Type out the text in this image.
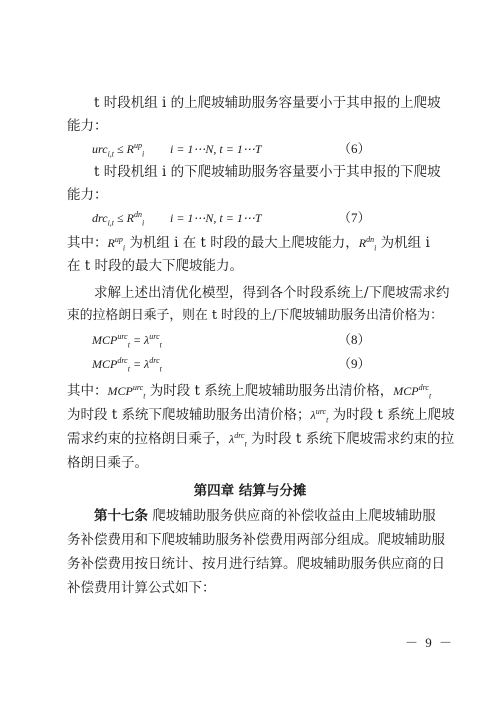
t 时段机组 i 的上爬坡辅助服务容量要小于其申报的上爬坡
能力：
$urc_{i,t} \le R^{up}_i$ i = 1⋯N, t = 1⋯T	（6）
t 时段机组 i 的下爬坡辅助服务容量要小于其申报的下爬坡
能力：
$drc_{i,t} \le R^{dn}_i$ i = 1⋯N, t = 1⋯T	（7）
其中：$R^{up}_i$ 为机组 i 在 t 时段的最大上爬坡能力，$R^{dn}_i$ 为机组 i
在 t 时段的最大下爬坡能力。
求解上述出清优化模型，得到各个时段系统上/下爬坡需求约
束的拉格朗日乘子，则在 t 时段的上/下爬坡辅助服务出清价格为：
$MCP^{urc}_t = \lambda^{urc}_t$	（8）
$MCP^{drc}_t = \lambda^{drc}_t$	（9）
其中：$MCP^{urc}_t$ 为时段 t 系统上爬坡辅助服务出清价格，$MCP^{drc}_t$
为时段 t 系统下爬坡辅助服务出清价格；$\lambda^{urc}_t$ 为时段 t 系统上爬坡
需求约束的拉格朗日乘子，$\lambda^{drc}_t$ 为时段 t 系统下爬坡需求约束的拉
格朗日乘子。
第四章 结算与分摊
第十七条 爬坡辅助服务供应商的补偿收益由上爬坡辅助服
务补偿费用和下爬坡辅助服务补偿费用两部分组成。爬坡辅助服
务补偿费用按日统计、按月进行结算。爬坡辅助服务供应商的日
补偿费用计算公式如下：
－ 9 －
